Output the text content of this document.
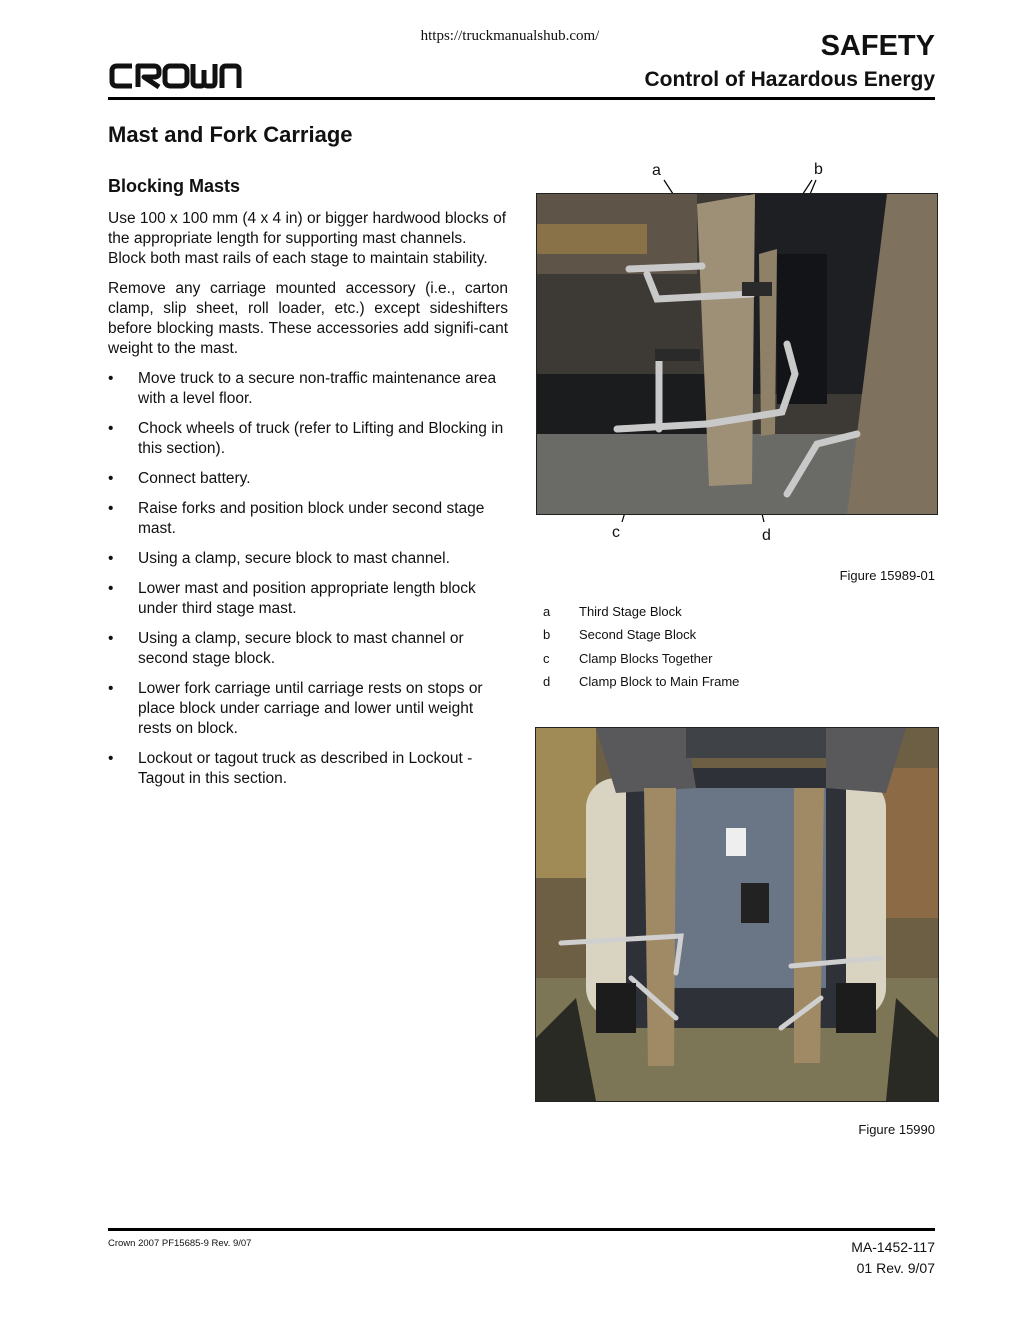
https://truckmanualshub.com/	SAFETY
Control of Hazardous Energy
Mast and Fork Carriage
Blocking Masts
Use 100 x 100 mm (4 x 4 in) or bigger hardwood blocks of the appropriate length for supporting mast channels. Block both mast rails of each stage to maintain stability.
Remove any carriage mounted accessory (i.e., carton clamp, slip sheet, roll loader, etc.) except sideshifters before blocking masts. These accessories add signifi-cant weight to the mast.
• Move truck to a secure non-traffic maintenance area with a level floor.
• Chock wheels of truck (refer to Lifting and Blocking in this section).
• Connect battery.
• Raise forks and position block under second stage mast.
• Using a clamp, secure block to mast channel.
• Lower mast and position appropriate length block under third stage mast.
• Using a clamp, secure block to mast channel or second stage block.
• Lower fork carriage until carriage rests on stops or place block under carriage and lower until weight rests on block.
• Lockout or tagout truck as described in Lockout - Tagout in this section.
a	b
c	d
Figure 15989-01
a	Third Stage Block
b	Second Stage Block
c	Clamp Blocks Together
d	Clamp Block to Main Frame
Figure 15990
Crown 2007 PF15685-9 Rev. 9/07	MA-1452-117
01 Rev. 9/07
